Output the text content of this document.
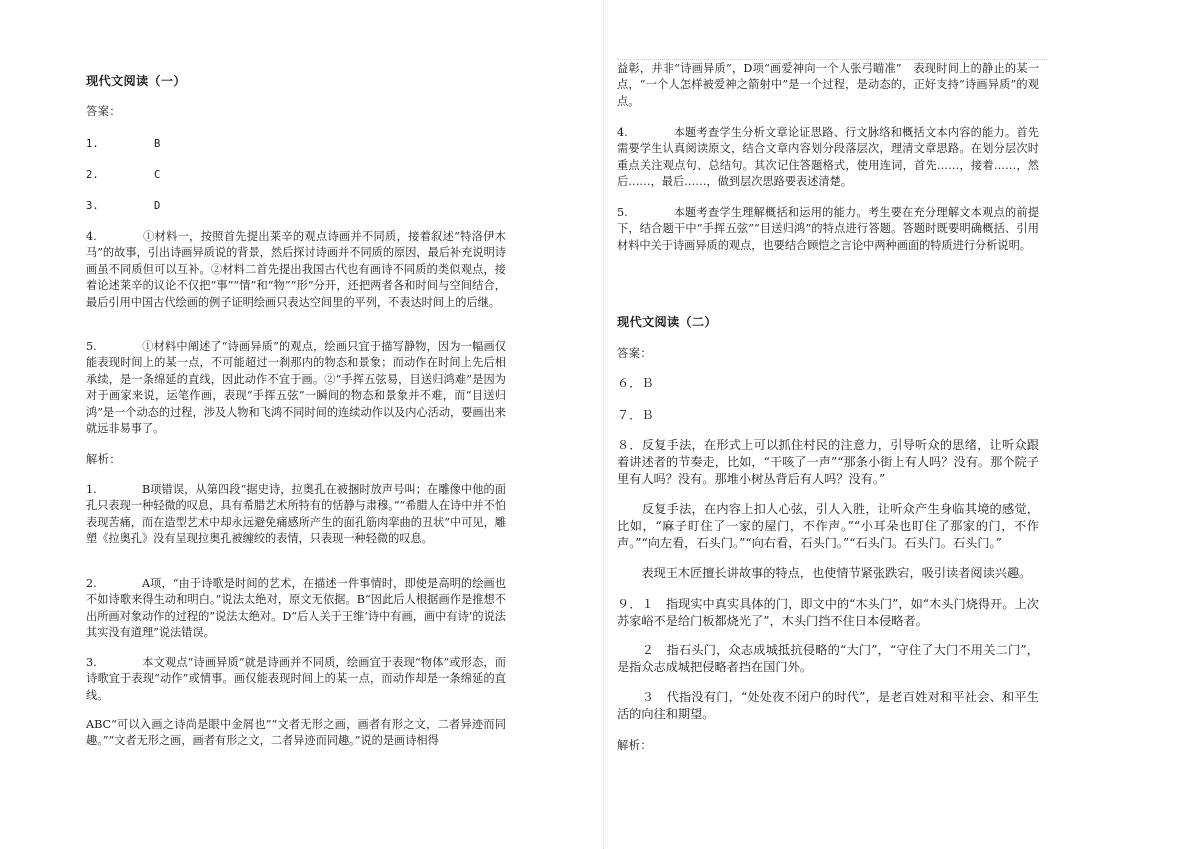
现代文阅读（一）
答案：
1.	B
2.	C
3.	D

4.　　　　①材料一，按照首先提出莱辛的观点诗画并不同质，接着叙述“特洛伊木马”的故事，引出诗画异质说的背景，然后探讨诗画并不同质的原因，最后补充说明诗画虽不同质但可以互补。②材料二首先提出我国古代也有画诗不同质的类似观点，接着论述莱辛的议论不仅把“事”“情”和“物”“形”分开，还把两者各和时间与空间结合，最后引用中国古代绘画的例子证明绘画只表达空间里的平列，不表达时间上的后继。

5.　　　　①材料中阐述了“诗画异质”的观点，绘画只宜于描写静物，因为一幅画仅能表现时间上的某一点，不可能超过一刹那内的物态和景象；而动作在时间上先后相承续，是一条绵延的直线，因此动作不宜于画。②“手挥五弦易，目送归鸿难”是因为对于画家来说，运笔作画，表现“手挥五弦”一瞬间的物态和景象并不难，而“目送归鸿”是一个动态的过程，涉及人物和飞鸿不同时间的连续动作以及内心活动，要画出来就远非易事了。

解析：

1.　　　　B项错误，从第四段“据史诗，拉奥孔在被捆时放声号叫；在雕像中他的面孔只表现一种轻微的叹息，具有希腊艺术所特有的恬静与肃穆。”“希腊人在诗中并不怕表现苦痛，而在造型艺术中却永远避免痛感所产生的面孔筋肉挛曲的丑状”中可见，雕塑《拉奥孔》没有呈现拉奥孔被缠绞的表情，只表现一种轻微的叹息。

2.　　　　A项，“由于诗歌是时间的艺术，在描述一件事情时，即使是高明的绘画也不如诗歌来得生动和明白。”说法太绝对，原文无依据。B“因此后人根据画作是推想不出所画对象动作的过程的”说法太绝对。D“后人关于王维‘诗中有画，画中有诗’的说法其实没有道理”说法错误。

3.　　　　本文观点“诗画异质”就是诗画并不同质，绘画宜于表现“物体”或形态，而诗歌宜于表现“动作”或情事。画仅能表现时间上的某一点，而动作却是一条绵延的直线。

ABC“可以入画之诗尚是眼中金屑也”“文者无形之画，画者有形之文，二者异迹而同趣。”“文者无形之画，画者有形之文，二者异迹而同趣。”说的是画诗相得

益彰，并非“诗画异质”，D项“画爱神向一个人张弓瞄准”　表现时间上的静止的某一点，“一个人怎样被爱神之箭射中”是一个过程，是动态的，正好支持“诗画异质”的观点。

4.　　　　本题考查学生分析文章论证思路、行文脉络和概括文本内容的能力。首先需要学生认真阅读原文，结合文章内容划分段落层次，理清文章思路。在划分层次时重点关注观点句、总结句。其次记住答题格式，使用连词，首先……，接着……，然后……，最后……，做到层次思路要表述清楚。

5.　　　　本题考查学生理解概括和运用的能力。考生要在充分理解文本观点的前提下，结合题干中“手挥五弦”“目送归鸿”的特点进行答题。答题时既要明确概括、引用材料中关于诗画异质的观点，也要结合顾恺之言论中两种画面的特质进行分析说明。

现代文阅读（二）
答案：
６．Ｂ
７．Ｂ

８．反复手法，在形式上可以抓住村民的注意力，引导听众的思绪，让听众跟着讲述者的节奏走，比如，“干咳了一声”“那条小街上有人吗？没有。那个院子里有人吗？没有。那堆小树丛背后有人吗？没有。”

　　反复手法，在内容上扣人心弦，引人入胜，让听众产生身临其境的感觉，比如，“麻子盯住了一家的屋门，不作声。”“小耳朵也盯住了那家的门，不作声。”“向左看，石头门。”“向右看，石头门。”“石头门。石头门。石头门。”

　　表现王木匠擅长讲故事的特点，也使情节紧张跌宕，吸引读者阅读兴趣。

９．１　指现实中真实具体的门，即文中的“木头门”，如“木头门烧得开。上次苏家峪不是给门板都烧光了”，木头门挡不住日本侵略者。

　　２　指石头门，众志成城抵抗侵略的“大门”，“守住了大门不用关二门”，是指众志成城把侵略者挡在国门外。

　　３　代指没有门，“处处夜不闭户的时代”，是老百姓对和平社会、和平生活的向往和期望。

解析：
